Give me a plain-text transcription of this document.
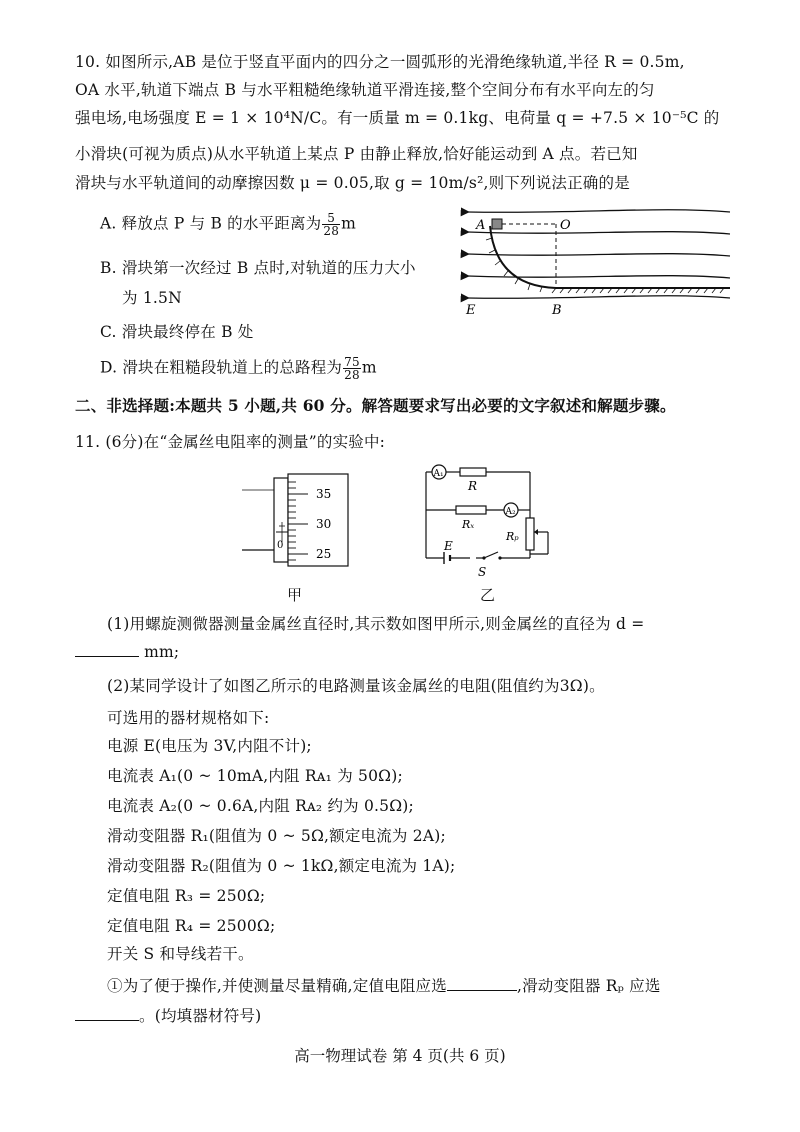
10. 如图所示,AB 是位于竖直平面内的四分之一圆弧形的光滑绝缘轨道,半径 R = 0.5m,
OA 水平,轨道下端点 B 与水平粗糙绝缘轨道平滑连接,整个空间分布有水平向左的匀
强电场,电场强度 E = 1 × 10⁴N/C。有一质量 m = 0.1kg、电荷量 q = +7.5 × 10⁻⁵C 的
小滑块(可视为质点)从水平轨道上某点 P 由静止释放,恰好能运动到 A 点。若已知
滑块与水平轨道间的动摩擦因数 μ = 0.05,取 g = 10m/s²,则下列说法正确的是
A. 释放点 P 与 B 的水平距离为 $\frac{5}{28}$ m
B. 滑块第一次经过 B 点时,对轨道的压力大小
为 1.5N
C. 滑块最终停在 B 处
D. 滑块在粗糙段轨道上的总路程为 $\frac{75}{28}$ m
A	O
E	B
二、非选择题:本题共 5 小题,共 60 分。解答题要求写出必要的文字叙述和解题步骤。
11. (6分)在“金属丝电阻率的测量”的实验中:
35
30
25
0
甲
A₁
R
Rₓ
A₂
Rₚ
E
S
乙
(1)用螺旋测微器测量金属丝直径时,其示数如图甲所示,则金属丝的直径为 d =
mm;
(2)某同学设计了如图乙所示的电路测量该金属丝的电阻(阻值约为3Ω)。
可选用的器材规格如下:
电源 E(电压为 3V,内阻不计);
电流表 A₁(0 ~ 10mA,内阻 Rᴀ₁ 为 50Ω);
电流表 A₂(0 ~ 0.6A,内阻 Rᴀ₂ 约为 0.5Ω);
滑动变阻器 R₁(阻值为 0 ~ 5Ω,额定电流为 2A);
滑动变阻器 R₂(阻值为 0 ~ 1kΩ,额定电流为 1A);
定值电阻 R₃ = 250Ω;
定值电阻 R₄ = 2500Ω;
开关 S 和导线若干。
①为了便于操作,并使测量尽量精确,定值电阻应选	,滑动变阻器 Rₚ 应选
。(均填器材符号)
高一物理试卷 第 4 页(共 6 页)
